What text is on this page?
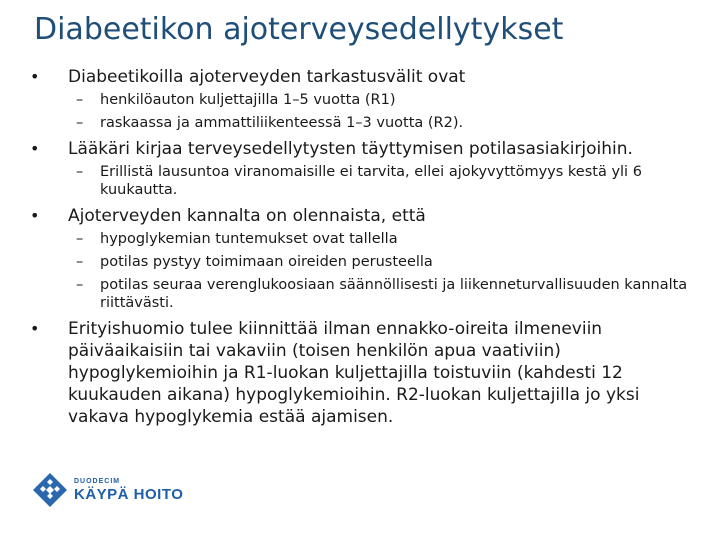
Diabeetikon ajoterveysedellytykset
• Diabeetikoilla ajoterveyden tarkastusvälit ovat
– henkilöauton kuljettajilla 1–5 vuotta (R1)
– raskaassa ja ammattiliikenteessä 1–3 vuotta (R2).
• Lääkäri kirjaa terveysedellytysten täyttymisen potilasasiakirjoihin.
– Erillistä lausuntoa viranomaisille ei tarvita, ellei ajokyvyttömyys kestä yli 6 kuukautta.
• Ajoterveyden kannalta on olennaista, että
– hypoglykemian tuntemukset ovat tallella
– potilas pystyy toimimaan oireiden perusteella
– potilas seuraa verenglukoosiaan säännöllisesti ja liikenneturvallisuuden kannalta riittävästi.
• Erityishuomio tulee kiinnittää ilman ennakko-oireita ilmeneviin päiväaikaisiin tai vakaviin (toisen henkilön apua vaativiin) hypoglykemioihin ja R1-luokan kuljettajilla toistuviin (kahdesti 12 kuukauden aikana) hypoglykemioihin. R2-luokan kuljettajilla jo yksi vakava hypoglykemia estää ajamisen.
DUODECIM
KÄYPÄ HOITO
